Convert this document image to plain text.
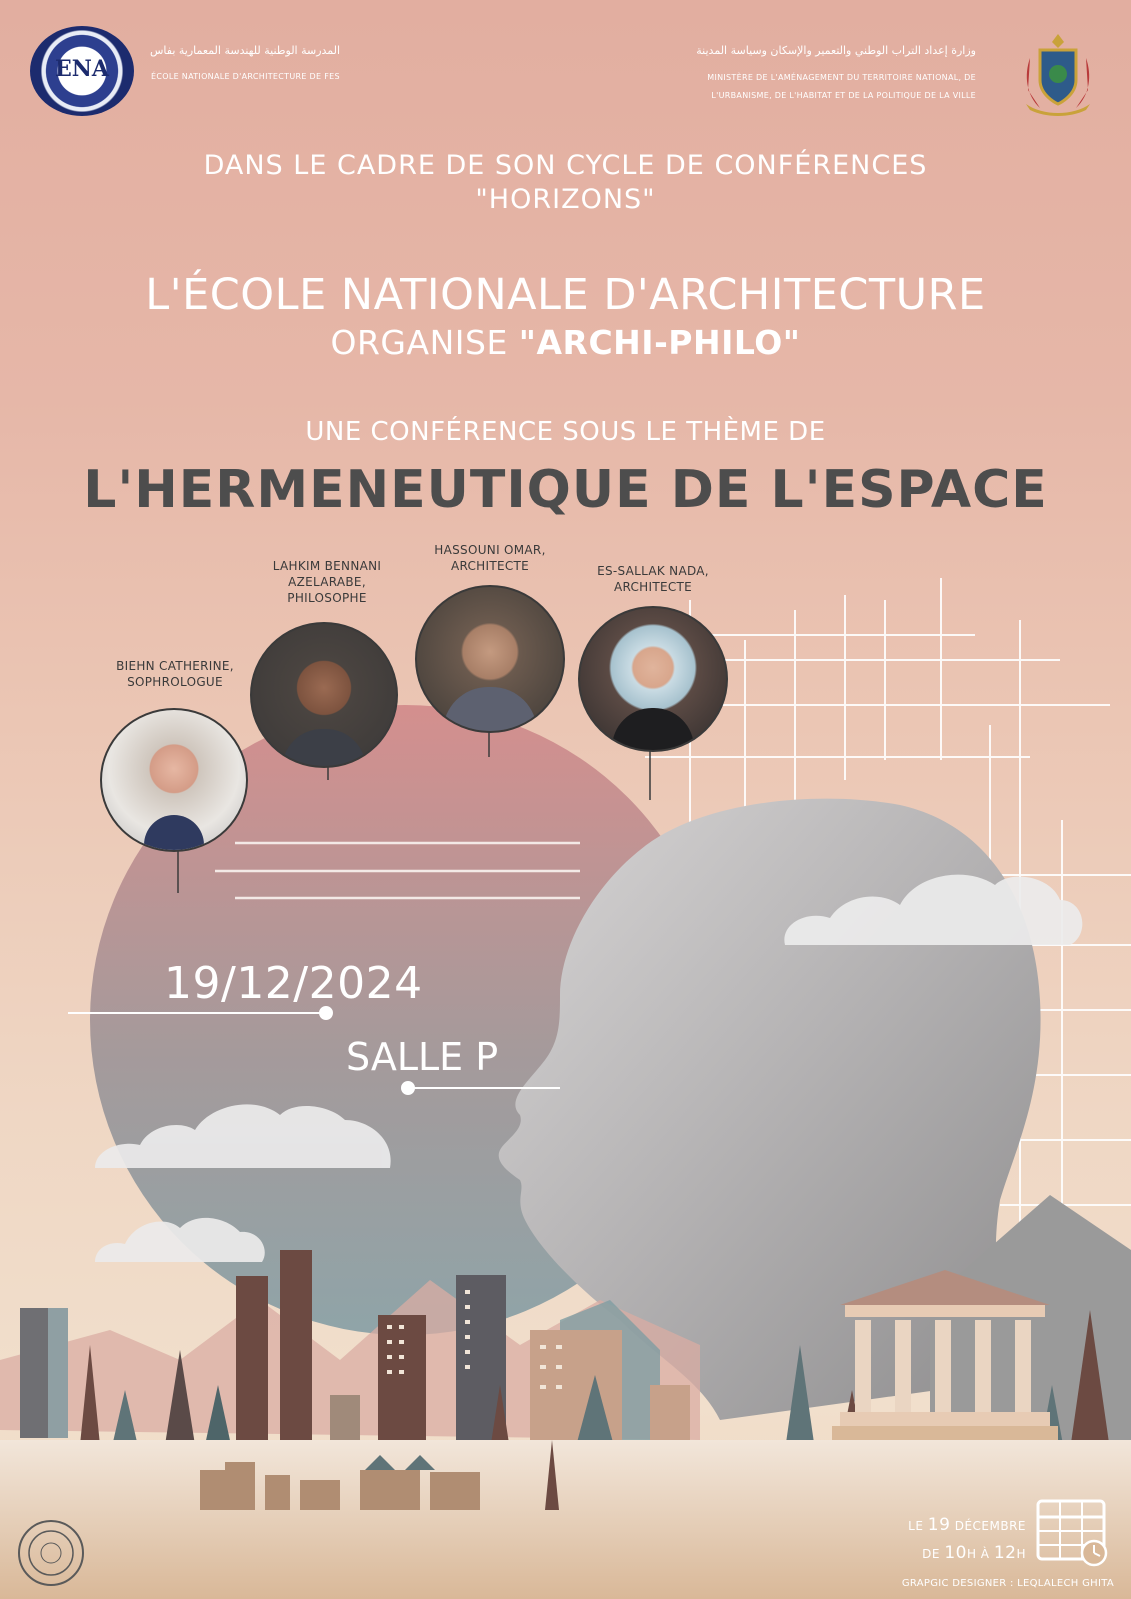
ENA
المدرسة الوطنية للهندسة المعمارية بفاس
ÉCOLE NATIONALE D'ARCHITECTURE DE FES
وزارة إعداد التراب الوطني والتعمير والإسكان وسياسة المدينة
MINISTÈRE DE L'AMÉNAGEMENT DU TERRITOIRE NATIONAL, DE
L'URBANISME, DE L'HABITAT ET DE LA POLITIQUE DE LA VILLE
DANS LE CADRE DE SON CYCLE DE CONFÉRENCES
"HORIZONS"
L'ÉCOLE NATIONALE D'ARCHITECTURE
ORGANISE "ARCHI-PHILO"
UNE CONFÉRENCE SOUS LE THÈME DE
L'HERMENEUTIQUE DE L'ESPACE
BIEHN CATHERINE,
SOPHROLOGUE
LAHKIM BENNANI
AZELARABE,
PHILOSOPHE
HASSOUNI OMAR,
ARCHITECTE	ES-SALLAK NADA,
ARCHITECTE
19/12/2024
SALLE P
LE 19 DÉCEMBRE
DE 10H À 12H
GRAPGIC DESIGNER : LEQLALECH GHITA
